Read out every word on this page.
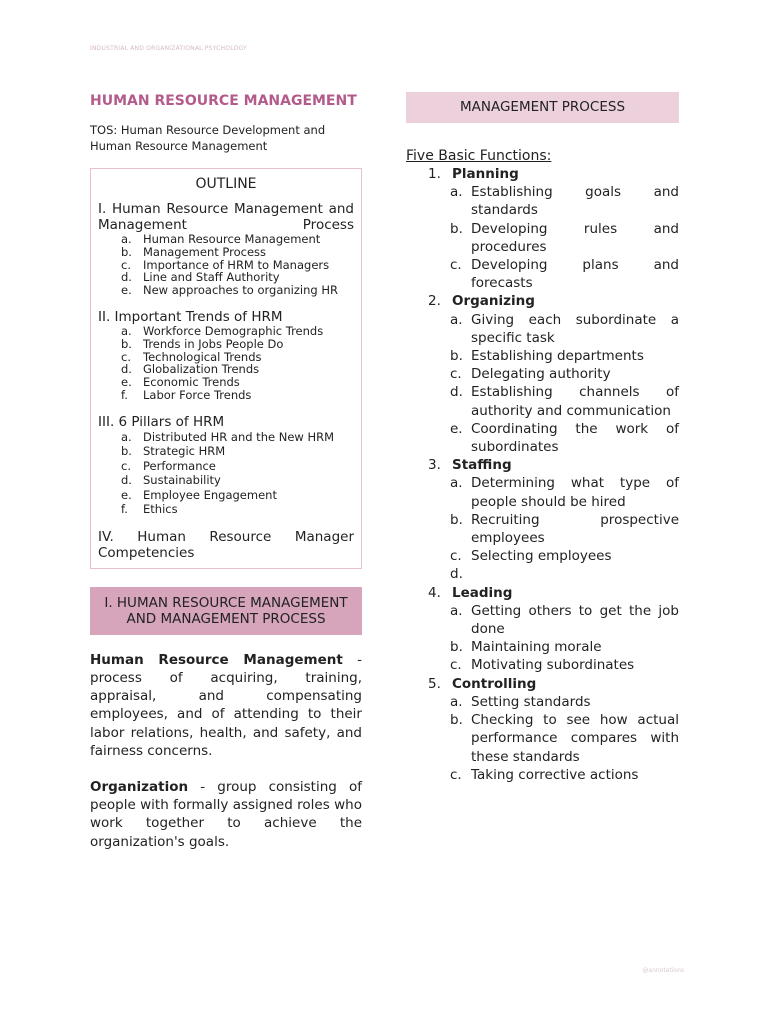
INDUSTRIAL AND ORGANIZATIONAL PSYCHOLOGY
HUMAN RESOURCE MANAGEMENT
TOS: Human Resource Development and Human Resource Management
OUTLINE
I. Human Resource Management and Management Process
a. Human Resource Management
b. Management Process
c.	Importance of HRM to Managers
d. Line and Staff Authority
e. New approaches to organizing HR
II. Important Trends of HRM
a. Workforce Demographic Trends
b. Trends in Jobs People Do
c.	Technological Trends
d. Globalization Trends
e. Economic Trends
f.	Labor Force Trends
III. 6 Pillars of HRM
a. Distributed HR and the New HRM
b. Strategic HRM
c.	Performance
d. Sustainability
e. Employee Engagement
f.	Ethics
IV. Human Resource Manager Competencies
I. HUMAN RESOURCE MANAGEMENT AND MANAGEMENT PROCESS

Human Resource Management - process of acquiring, training, appraisal, and compensating employees, and of attending to their labor relations, health, and safety, and fairness concerns.

Organization - group consisting of people with formally assigned roles who work together to achieve the organization's goals.

MANAGEMENT PROCESS
Five Basic Functions:
1. Planning
a. Establishing goals and standards
b. Developing rules and procedures
c. Developing plans and forecasts
2. Organizing
a. Giving each subordinate a specific task
b. Establishing departments
c. Delegating authority
d. Establishing channels of authority and communication
e. Coordinating the work of subordinates
3. Staffing
a. Determining what type of people should be hired
b. Recruiting prospective employees
c. Selecting employees
d.
4. Leading
a. Getting others to get the job done
b. Maintaining morale
c. Motivating subordinates
5. Controlling
a. Setting standards
b. Checking to see how actual performance compares with these standards
c. Taking corrective actions
@annotations
